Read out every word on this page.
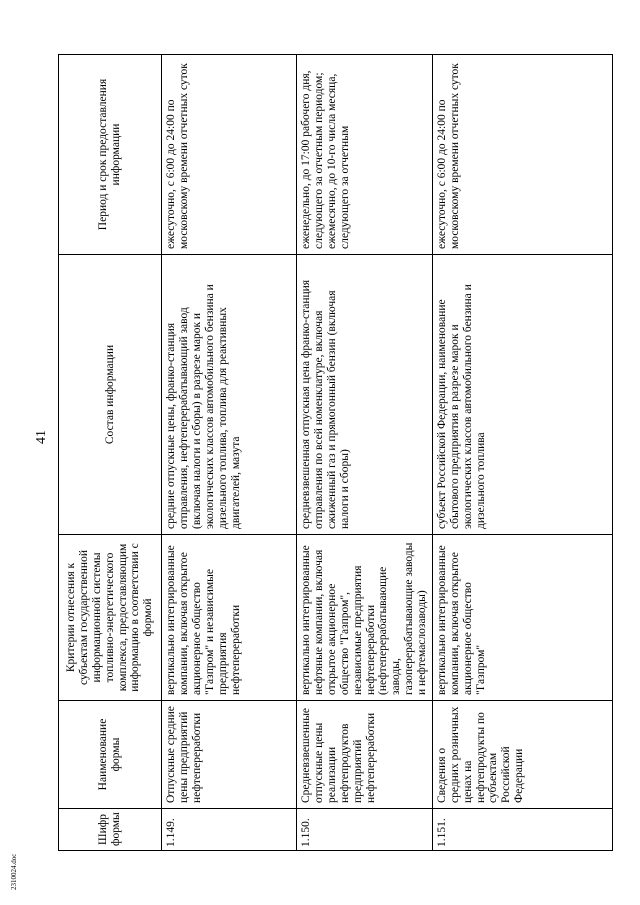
41
2310024.doc
Шифр формы	Наименование формы	Критерии отнесения к субъектам государственной информационной системы топливно-энергетического комплекса, предоставляющим информацию в соответствии с формой	Состав информации	Период и срок предоставления информации
1.149.	Отпускные средние цены предприятий нефтепереработки	вертикально интегрированные компании, включая открытое акционерное общество "Газпром" и независимые предприятия нефтепереработки	средние отпускные цены, франко-станция отправления, нефтеперерабатывающий завод (включая налоги и сборы) в разрезе марок и экологических классов автомобильного бензина и дизельного топлива, топлива для реактивных двигателей, мазута	ежесуточно, с 6:00 до 24:00 по московскому времени отчетных суток
1.150.	Средневзвешенные отпускные цены реализации нефтепродуктов предприятий нефтепереработки	вертикально интегрированные нефтяные компании, включая открытое акционерное общество "Газпром", независимые предприятия нефтепереработки (нефтеперерабатывающие заводы, газоперерабатывающие заводы и нефтемаслозаводы)	средневзвешенная отпускная цена франко-станция отправления по всей номенклатуре, включая сжиженный газ и прямогонный бензин (включая налоги и сборы)	еженедельно, до 17:00 рабочего дня, следующего за отчетным периодом; ежемесячно, до 10-го числа месяца, следующего за отчетным
1.151.	Сведения о средних розничных ценах на нефтепродукты по субъектам Российской Федерации	вертикально интегрированные компании, включая открытое акционерное общество "Газпром"	субъект Российской Федерации, наименование сбытового предприятия в разрезе марок и экологических классов автомобильного бензина и дизельного топлива	ежесуточно, с 6:00 до 24:00 по московскому времени отчетных суток
